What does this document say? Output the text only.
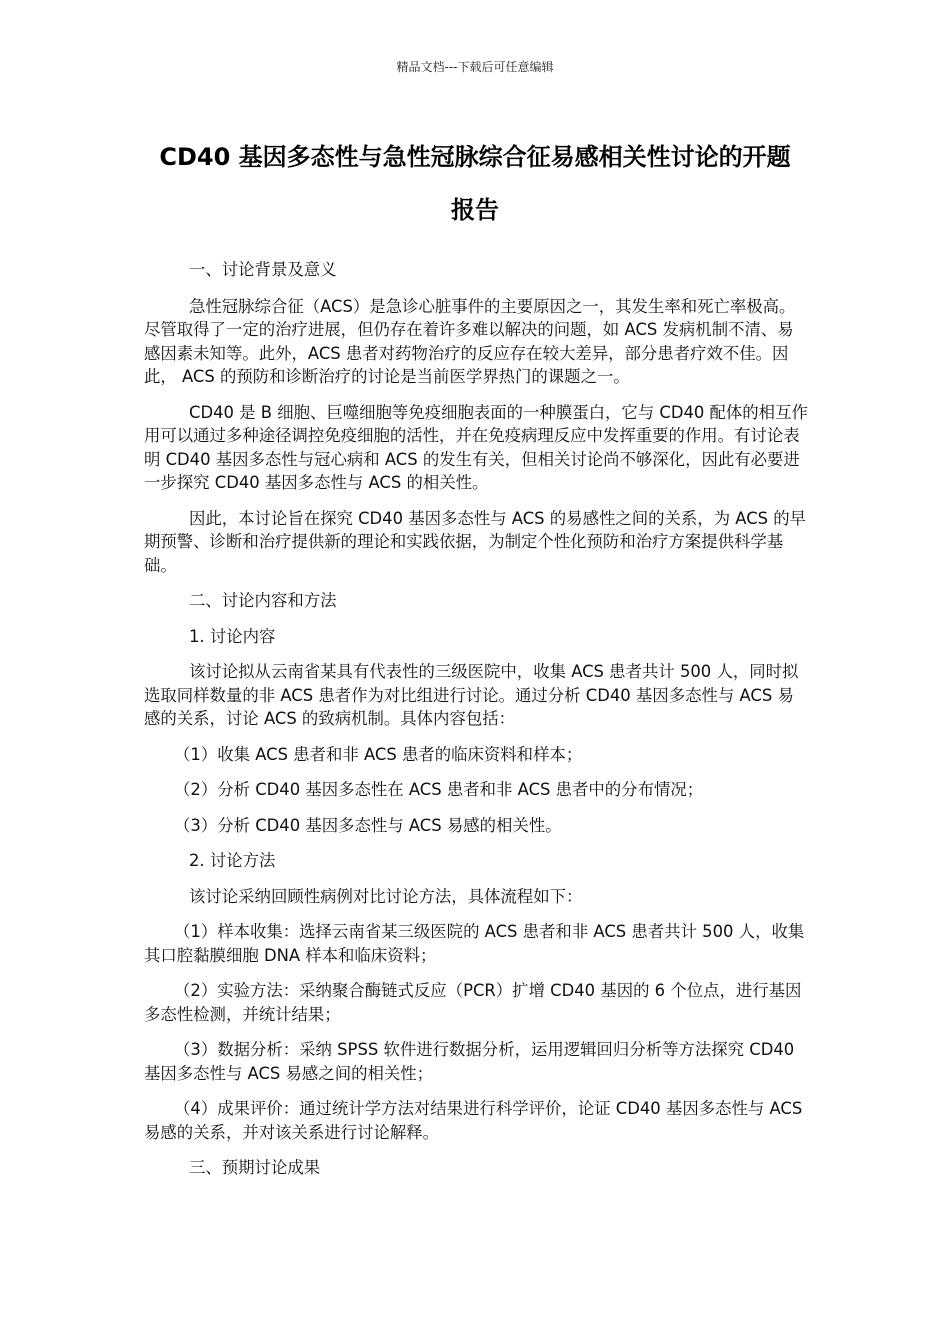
精品文档---下载后可任意编辑
CD40 基因多态性与急性冠脉综合征易感相关性讨论的开题
报告

一、讨论背景及意义

急性冠脉综合征（ACS）是急诊心脏事件的主要原因之一，其发生率和死亡率极高。尽管取得了一定的治疗进展，但仍存在着许多难以解决的问题，如 ACS 发病机制不清、易感因素未知等。此外，ACS 患者对药物治疗的反应存在较大差异，部分患者疗效不佳。因此， ACS 的预防和诊断治疗的讨论是当前医学界热门的课题之一。

CD40 是 B 细胞、巨噬细胞等免疫细胞表面的一种膜蛋白，它与 CD40 配体的相互作用可以通过多种途径调控免疫细胞的活性，并在免疫病理反应中发挥重要的作用。有讨论表明 CD40 基因多态性与冠心病和 ACS 的发生有关，但相关讨论尚不够深化，因此有必要进一步探究 CD40 基因多态性与 ACS 的相关性。

因此，本讨论旨在探究 CD40 基因多态性与 ACS 的易感性之间的关系，为 ACS 的早期预警、诊断和治疗提供新的理论和实践依据，为制定个性化预防和治疗方案提供科学基础。

二、讨论内容和方法

1. 讨论内容

该讨论拟从云南省某具有代表性的三级医院中，收集 ACS 患者共计 500 人，同时拟选取同样数量的非 ACS 患者作为对比组进行讨论。通过分析 CD40 基因多态性与 ACS 易感的关系，讨论 ACS 的致病机制。具体内容包括：

（1）收集 ACS 患者和非 ACS 患者的临床资料和样本；

（2）分析 CD40 基因多态性在 ACS 患者和非 ACS 患者中的分布情况；

（3）分析 CD40 基因多态性与 ACS 易感的相关性。

2. 讨论方法

该讨论采纳回顾性病例对比讨论方法，具体流程如下：

（1）样本收集：选择云南省某三级医院的 ACS 患者和非 ACS 患者共计 500 人，收集其口腔黏膜细胞 DNA 样本和临床资料；

（2）实验方法：采纳聚合酶链式反应（PCR）扩增 CD40 基因的 6 个位点，进行基因多态性检测，并统计结果；

（3）数据分析：采纳 SPSS 软件进行数据分析，运用逻辑回归分析等方法探究 CD40 基因多态性与 ACS 易感之间的相关性；

（4）成果评价：通过统计学方法对结果进行科学评价，论证 CD40 基因多态性与 ACS 易感的关系，并对该关系进行讨论解释。

三、预期讨论成果
